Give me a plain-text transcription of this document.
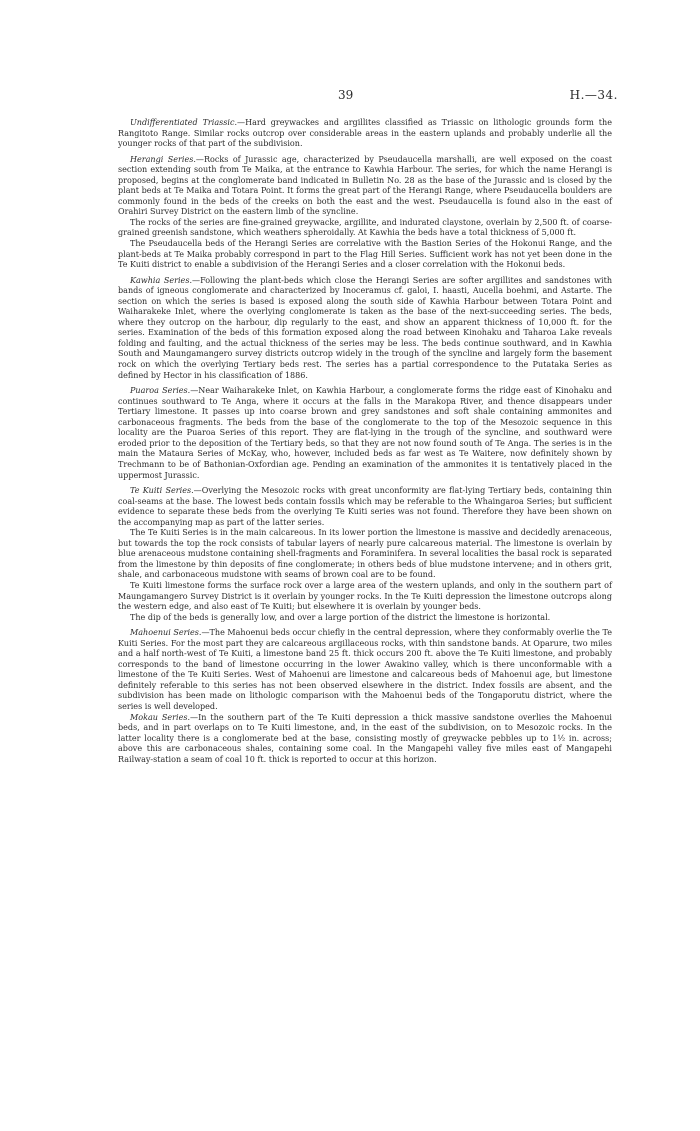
39	H.—34.

Undifferentiated Triassic.—Hard greywackes and argillites classified as Triassic on lithologic grounds form the Rangitoto Range. Similar rocks outcrop over considerable areas in the eastern uplands and probably underlie all the younger rocks of that part of the subdivision.

Herangi Series.—Rocks of Jurassic age, characterized by Pseudaucella marshalli, are well exposed on the coast section extending south from Te Maika, at the entrance to Kawhia Harbour. The series, for which the name Herangi is proposed, begins at the conglomerate band indicated in Bulletin No. 28 as the base of the Jurassic and is closed by the plant beds at Te Maika and Totara Point. It forms the great part of the Herangi Range, where Pseudaucella boulders are commonly found in the beds of the creeks on both the east and the west. Pseudaucella is found also in the east of Orahiri Survey District on the eastern limb of the syncline.

The rocks of the series are fine-grained greywacke, argillite, and indurated claystone, overlain by 2,500 ft. of coarse-grained greenish sandstone, which weathers spheroidally. At Kawhia the beds have a total thickness of 5,000 ft.

The Pseudaucella beds of the Herangi Series are correlative with the Bastion Series of the Hokonui Range, and the plant-beds at Te Maika probably correspond in part to the Flag Hill Series. Sufficient work has not yet been done in the Te Kuiti district to enable a subdivision of the Herangi Series and a closer correlation with the Hokonui beds.

Kawhia Series.—Following the plant-beds which close the Herangi Series are softer argillites and sandstones with bands of igneous conglomerate and characterized by Inoceramus cf. galoi, I. haasti, Aucella boehmi, and Astarte. The section on which the series is based is exposed along the south side of Kawhia Harbour between Totara Point and Waiharakeke Inlet, where the overlying conglomerate is taken as the base of the next-succeeding series. The beds, where they outcrop on the harbour, dip regularly to the east, and show an apparent thickness of 10,000 ft. for the series. Examination of the beds of this formation exposed along the road between Kinohaku and Taharoa Lake reveals folding and faulting, and the actual thickness of the series may be less. The beds continue southward, and in Kawhia South and Maungamangero survey districts outcrop widely in the trough of the syncline and largely form the basement rock on which the overlying Tertiary beds rest. The series has a partial correspondence to the Putataka Series as defined by Hector in his classification of 1886.

Puaroa Series.—Near Waiharakeke Inlet, on Kawhia Harbour, a conglomerate forms the ridge east of Kinohaku and continues southward to Te Anga, where it occurs at the falls in the Marakopa River, and thence disappears under Tertiary limestone. It passes up into coarse brown and grey sandstones and soft shale containing ammonites and carbonaceous fragments. The beds from the base of the conglomerate to the top of the Mesozoic sequence in this locality are the Puaroa Series of this report. They are flat-lying in the trough of the syncline, and southward were eroded prior to the deposition of the Tertiary beds, so that they are not now found south of Te Anga. The series is in the main the Mataura Series of McKay, who, however, included beds as far west as Te Waitere, now definitely shown by Trechmann to be of Bathonian-Oxfordian age. Pending an examination of the ammonites it is tentatively placed in the uppermost Jurassic.

Te Kuiti Series.—Overlying the Mesozoic rocks with great unconformity are flat-lying Tertiary beds, containing thin coal-seams at the base. The lowest beds contain fossils which may be referable to the Whaingaroa Series; but sufficient evidence to separate these beds from the overlying Te Kuiti series was not found. Therefore they have been shown on the accompanying map as part of the latter series.

The Te Kuiti Series is in the main calcareous. In its lower portion the limestone is massive and decidedly arenaceous, but towards the top the rock consists of tabular layers of nearly pure calcareous material. The limestone is overlain by blue arenaceous mudstone containing shell-fragments and Foraminifera. In several localities the basal rock is separated from the limestone by thin deposits of fine conglomerate; in others beds of blue mudstone intervene; and in others grit, shale, and carbonaceous mudstone with seams of brown coal are to be found.

Te Kuiti limestone forms the surface rock over a large area of the western uplands, and only in the southern part of Maungamangero Survey District is it overlain by younger rocks. In the Te Kuiti depression the limestone outcrops along the western edge, and also east of Te Kuiti; but elsewhere it is overlain by younger beds.

The dip of the beds is generally low, and over a large portion of the district the limestone is horizontal.

Mahoenui Series.—The Mahoenui beds occur chiefly in the central depression, where they conformably overlie the Te Kuiti Series. For the most part they are calcareous argillaceous rocks, with thin sandstone bands. At Oparure, two miles and a half north-west of Te Kuiti, a limestone band 25 ft. thick occurs 200 ft. above the Te Kuiti limestone, and probably corresponds to the band of limestone occurring in the lower Awakino valley, which is there unconformable with a limestone of the Te Kuiti Series. West of Mahoenui are limestone and calcareous beds of Mahoenui age, but limestone definitely referable to this series has not been observed elsewhere in the district. Index fossils are absent, and the subdivision has been made on lithologic comparison with the Mahoenui beds of the Tongaporutu district, where the series is well developed.

Mokau Series.—In the southern part of the Te Kuiti depression a thick massive sandstone overlies the Mahoenui beds, and in part overlaps on to Te Kuiti limestone, and, in the east of the subdivision, on to Mesozoic rocks. In the latter locality there is a conglomerate bed at the base, consisting mostly of greywacke pebbles up to 1½ in. across; above this are carbonaceous shales, containing some coal. In the Mangapehi valley five miles east of Mangapehi Railway-station a seam of coal 10 ft. thick is reported to occur at this horizon.
